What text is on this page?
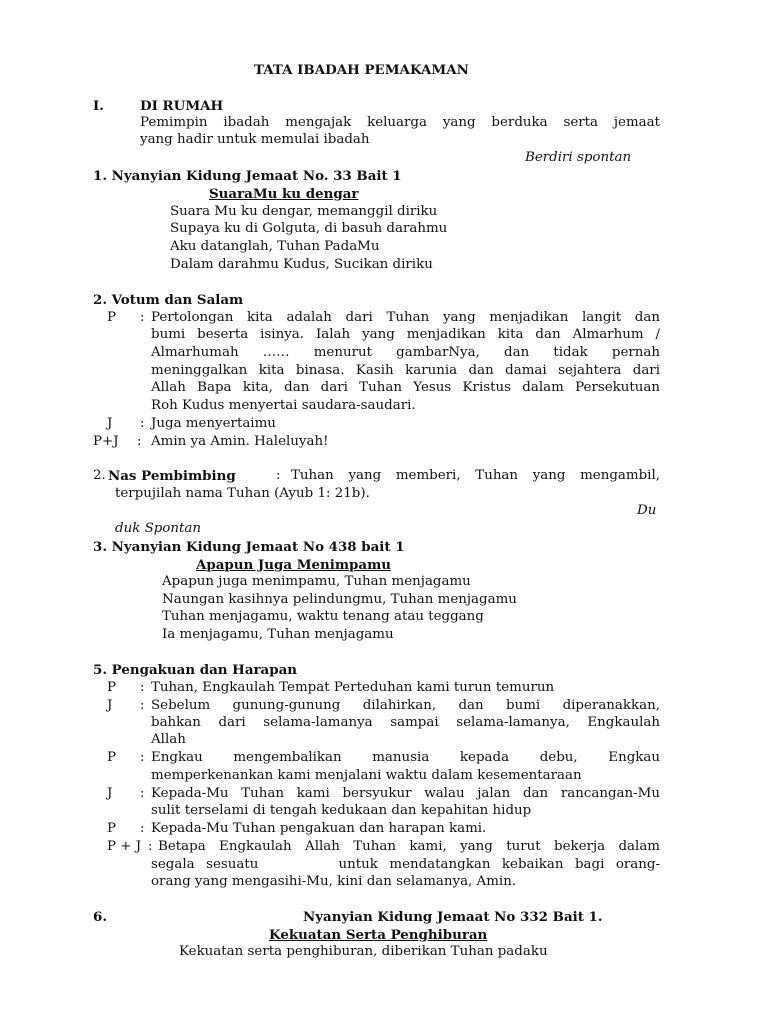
TATA IBADAH PEMAKAMAN
I.	DI RUMAH
Pemimpin ibadah mengajak keluarga yang berduka serta jemaat
yang hadir untuk memulai ibadah
Berdiri spontan
1. Nyanyian Kidung Jemaat No. 33 Bait 1
SuaraMu ku dengar
Suara Mu ku dengar, memanggil diriku
Supaya ku di Golguta, di basuh darahmu
Aku datanglah, Tuhan PadaMu
Dalam darahmu Kudus, Sucikan diriku
2. Votum dan Salam
P : Pertolongan kita adalah dari Tuhan yang menjadikan langit dan
bumi beserta isinya. Ialah yang menjadikan kita dan Almarhum /
Almarhumah …… menurut gambarNya, dan tidak pernah
meninggalkan kita binasa. Kasih karunia dan damai sejahtera dari
Allah Bapa kita, dan dari Tuhan Yesus Kristus dalam Persekutuan
Roh Kudus menyertai saudara-saudari.
J : Juga menyertaimu
P+J : Amin ya Amin. Haleluyah!
2. Nas Pembimbing	: Tuhan yang memberi, Tuhan yang mengambil,
terpujilah nama Tuhan (Ayub 1: 21b).
Du
duk Spontan
3. Nyanyian Kidung Jemaat No 438 bait 1
Apapun Juga Menimpamu
Apapun juga menimpamu, Tuhan menjagamu
Naungan kasihnya pelindungmu, Tuhan menjagamu
Tuhan menjagamu, waktu tenang atau teggang
Ia menjagamu, Tuhan menjagamu
5. Pengakuan dan Harapan
P : Tuhan, Engkaulah Tempat Perteduhan kami turun temurun
J : Sebelum gunung-gunung dilahirkan, dan bumi diperanakkan,
bahkan dari selama-lamanya sampai selama-lamanya, Engkaulah
Allah
P : Engkau mengembalikan manusia kepada debu, Engkau
memperkenankan kami menjalani waktu dalam kesementaraan
J : Kepada-Mu Tuhan kami bersyukur walau jalan dan rancangan-Mu
sulit terselami di tengah kedukaan dan kepahitan hidup
P : Kepada-Mu Tuhan pengakuan dan harapan kami.
P + J : Betapa Engkaulah Allah Tuhan kami, yang turut bekerja dalam
segala sesuatu       untuk mendatangkan kebaikan bagi orang-
orang yang mengasihi-Mu, kini dan selamanya, Amin.
6.	Nyanyian Kidung Jemaat No 332 Bait 1.
Kekuatan Serta Penghiburan
Kekuatan serta penghiburan, diberikan Tuhan padaku
